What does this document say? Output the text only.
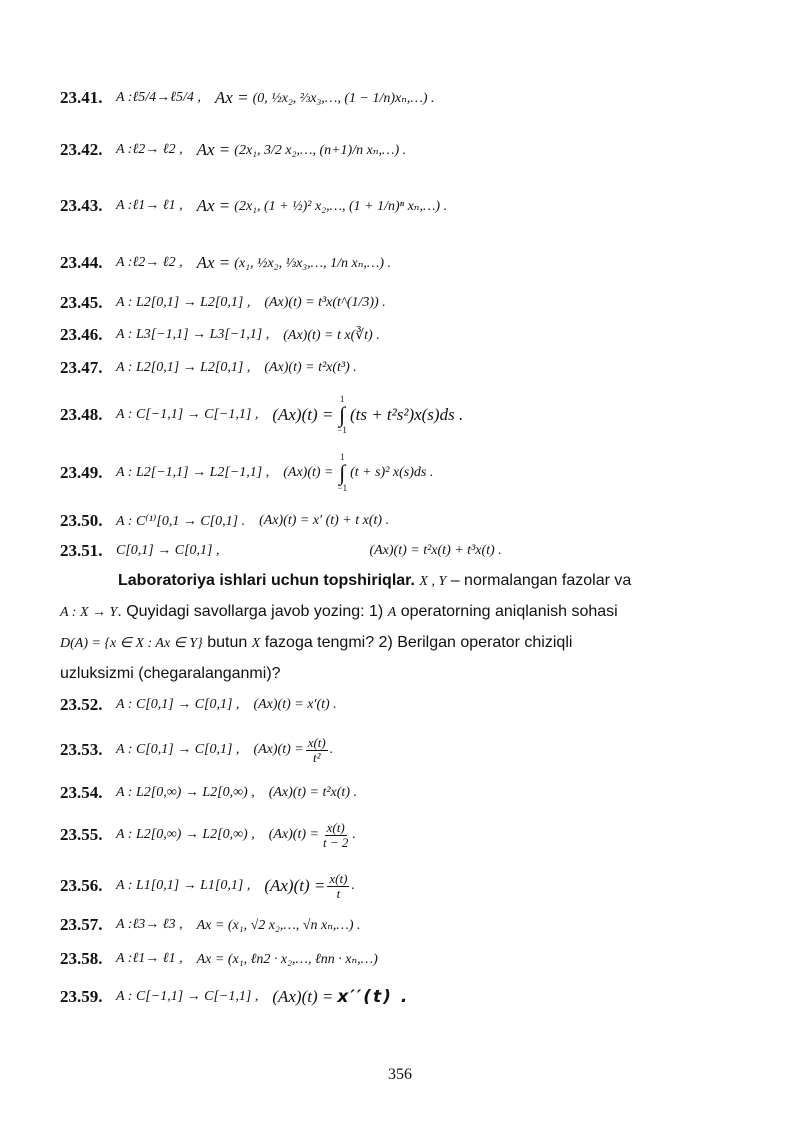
23.41. A :ℓ5/4→ℓ5/4 , Ax =
(0, ½x₂, ⅔x₃,…, (1 − 1/n)xₙ,…) .
23.42. A :ℓ2→ ℓ2 , Ax =
(2x₁, 3/2 x₂,…, (n+1)/n xₙ,…) .
23.43. A :ℓ1→ ℓ1 , Ax =
(2x₁, (1 + ½)² x₂,…, (1 + 1/n)ⁿ xₙ,…) .
23.44. A :ℓ2→ ℓ2 , Ax =
(x₁, ½x₂, ⅓x₃,…, 1/n xₙ,…) .
23.45. A : L2[0,1] → L2[0,1] , (Ax)(t) = t³x(t^(1/3)) .
23.46. A : L3[−1,1] → L3[−1,1] , (Ax)(t) = t x(∛t) .
23.47. A : L2[0,1] → L2[0,1] , (Ax)(t) = t²x(t³) .
23.48. A : C[−1,1] → C[−1,1] , (Ax)(t) =

1
∫
−1
(ts + t²s²)x(s)ds .
23.49. A : L2[−1,1] → L2[−1,1] , (Ax)(t) =

1
∫
−1
(t + s)² x(s)ds .
23.50. A : C⁽¹⁾[0,1 → C[0,1] . (Ax)(t) = x′ (t) + t x(t) .
23.51. C[0,1] → C[0,1] ,	(Ax)(t) = t²x(t) + t³x(t) .
Laboratoriya ishlari uchun topshiriqlar. X , Y – normalangan fazolar va
A : X → Y. Quyidagi savollarga javob yozing: 1) A operatorning aniqlanish sohasi
D(A) = {x ∈ X : Ax ∈ Y} butun X fazoga tengmi? 2) Berilgan operator chiziqli
uzluksizmi (chegaralanganmi)?
23.52. A : C[0,1] → C[0,1] , (Ax)(t) = x′(t) .
23.53. A : C[0,1] → C[0,1] , $(Ax)(t) = \frac{x(t)}{\text{t²}}$ .
23.54. A : L2[0,∞) → L2[0,∞) , (Ax)(t) = t²x(t) .
23.55. A : L2[0,∞) → L2[0,∞) , $(Ax)(t) = \frac{x(t)}{t - 2}$ .
23.56. A : L1[0,1] → L1[0,1] , $(Ax)(t) = \frac{x(t)}{t}$ .
23.57. A :ℓ3→ ℓ3 , Ax = (x₁, √2 x₂,…, √n xₙ,…) .
23.58. A :ℓ1→ ℓ1 , Ax = (x₁, ℓn2 · x₂,…, ℓnn · xₙ,…)
23.59. A : C[−1,1] → C[−1,1] , (Ax)(t) =
x′′(t) .
356
